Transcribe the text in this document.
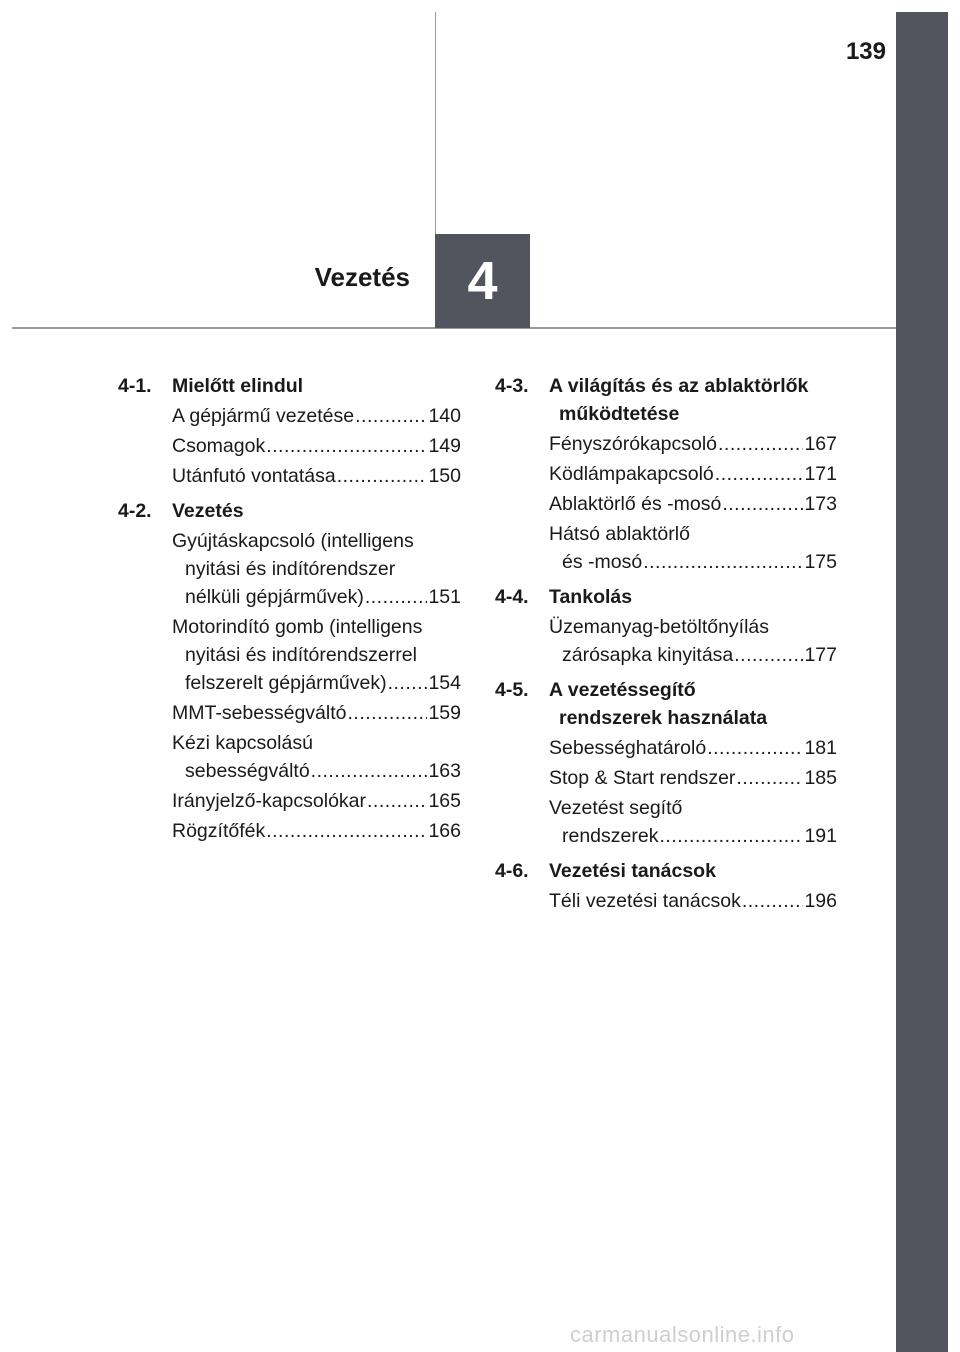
139
Vezetés 4
4-1.	Mielőtt elindul
A gépjármű vezetése .....	140
Csomagok .....	149
Utánfutó vontatása .....	150
4-2.	Vezetés
Gyújtáskapcsoló (intelligens
nyitási és indítórendszer
nélküli gépjárművek) .....	151
Motorindító gomb (intelligens
nyitási és indítórendszerrel
felszerelt gépjárművek) ..... 154
MMT-sebességváltó .....	159
Kézi kapcsolású
sebességváltó .....	163
Irányjelző-kapcsolókar .....	165
Rögzítőfék .....	166
4-3.	A világítás és az ablaktörlők
működtetése
Fényszórókapcsoló .....	167
Ködlámpakapcsoló .....	171
Ablaktörlő és -mosó .....	173
Hátsó ablaktörlő
és -mosó .....	175
4-4.	Tankolás
Üzemanyag-betöltőnyílás
zárósapka kinyitása .....	177
4-5.	A vezetéssegítő
rendszerek használata
Sebességhatároló .....	181
Stop & Start rendszer .....	185
Vezetést segítő
rendszerek .....	191
4-6.	Vezetési tanácsok
Téli vezetési tanácsok .....	196
carmanualsonline.info
